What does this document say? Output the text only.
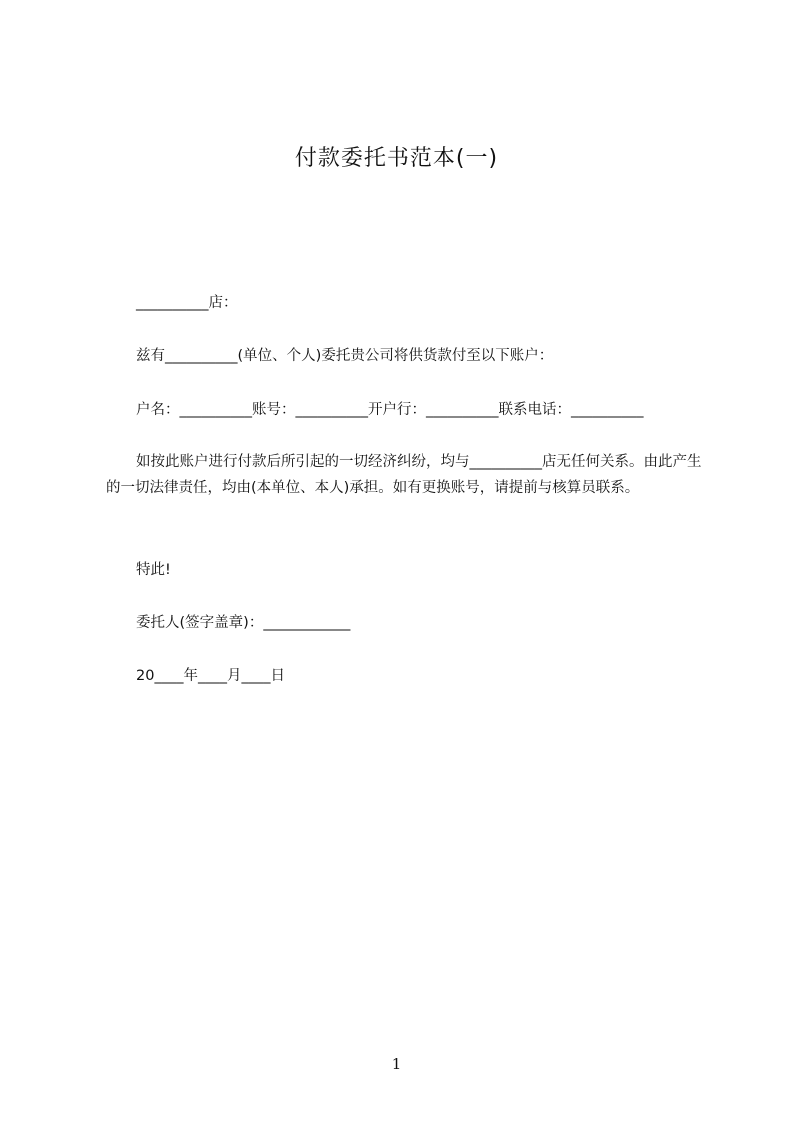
付款委托书范本(一)
__________店：
兹有__________(单位、个人)委托贵公司将供货款付至以下账户：
户名：__________账号：__________开户行：__________联系电话：__________
如按此账户进行付款后所引起的一切经济纠纷，均与__________店无任何关系。由此产生的一切法律责任，均由(本单位、本人)承担。如有更换账号，请提前与核算员联系。
特此!
委托人(签字盖章)：____________
20____年____月____日
1
